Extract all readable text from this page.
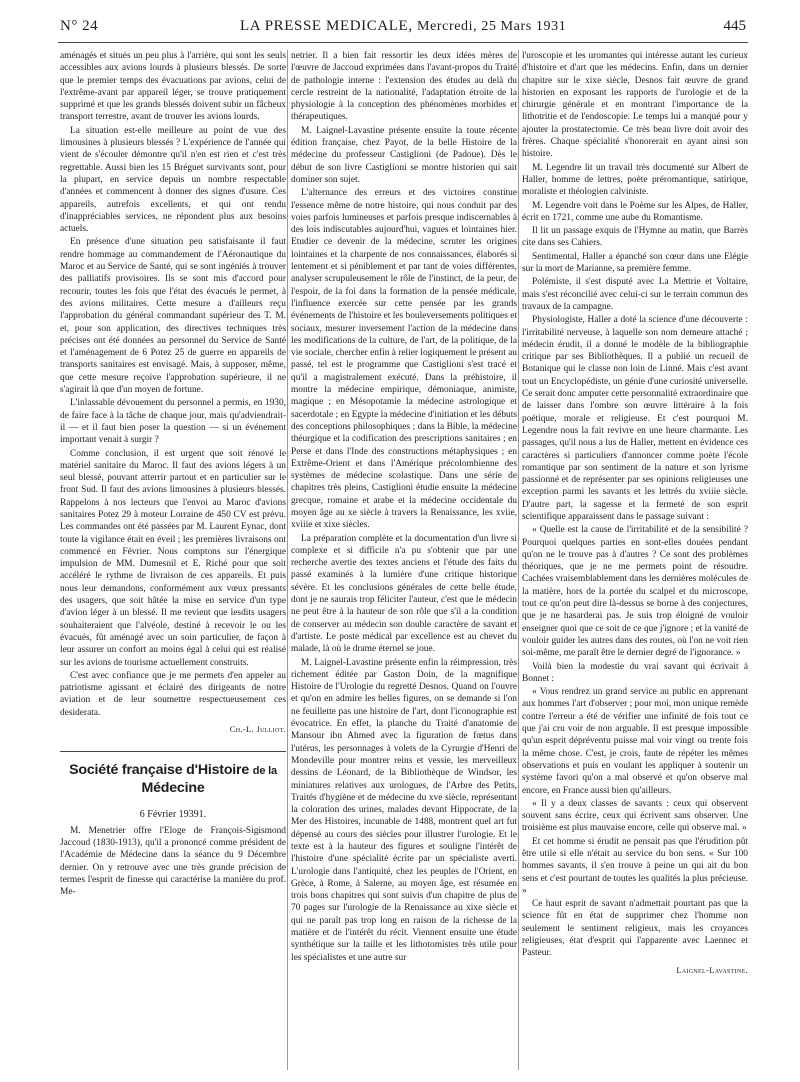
N° 24	LA PRESSE MEDICALE, Mercredi, 25 Mars 1931	445

aménagés et situés un peu plus à l'arrière, qui sont les seuls accessibles aux avions lourds à plusieurs blessés. De sorte que le premier temps des évacuations par avions, celui de l'extrême-avant par appareil léger, se trouve pratiquement supprimé et que les grands blessés doivent subir un fâcheux transport terrestre, avant de trouver les avions lourds.

La situation est-elle meilleure au point de vue des limousines à plusieurs blessés ? L'expérience de l'année qui vient de s'écouler démontre qu'il n'en est rien et c'est très regrettable. Aussi bien les 15 Bréguet survivants sont, pour la plupart, en service depuis un nombre respectable d'années et commencent à donner des signes d'usure. Ces appareils, autrefois excellents, et qui ont rendu d'inappréciables services, ne répondent plus aux besoins actuels.

En présence d'une situation peu satisfaisante il faut rendre hommage au commandement de l'Aéronautique du Maroc et au Service de Santé, qui se sont ingéniés à trouver des palliatifs provisoires. Ils se sont mis d'accord pour recourir, toutes les fois que l'état des évacués le permet, à des avions militaires. Cette mesure a d'ailleurs reçu l'approbation du général commandant supérieur des T. M. et, pour son application, des directives techniques très précises ont été données au personnel du Service de Santé et l'aménagement de 6 Potez 25 de guerre en appareils de transports sanitaires est envisagé. Mais, à supposer, même, que cette mesure reçoive l'approbation supérieure, il ne s'agirait là que d'un moyen de fortune.

L'inlassable dévouement du personnel a permis, en 1930, de faire face à la tâche de chaque jour, mais qu'adviendrait-il — et il faut bien poser la question — si un événement important venait à surgir ?

Comme conclusion, il est urgent que soit rénové le matériel sanitaire du Maroc. Il faut des avions légers à un seul blessé, pouvant atterrir partout et en particulier sur le front Sud. Il faut des avions limousines à plusieurs blessés. Rappelons à nos lecteurs que l'envoi au Maroc d'avions sanitaires Potez 29 à moteur Lorraine de 450 CV est prévu. Les commandes ont été passées par M. Laurent Eynac, dont toute la vigilance était en éveil ; les premières livraisons ont commencé en Février. Nous comptons sur l'énergique impulsion de MM. Dumesnil et E. Riché pour que soit accéléré le rythme de livraison de ces appareils. Et puis nous leur demandons, conformément aux vœux pressants des usagers, que soit hâtée la mise en service d'un type d'avion léger à un blessé. Il me revient que lesdits usagers souhaiteraient que l'alvéole, destiné à recevoir le ou les évacués, fût aménagé avec un soin particulier, de façon à leur assurer un confort au moins égal à celui qui est réalisé sur les avions de tourisme actuellement construits.

C'est avec confiance que je me permets d'en appeler au patriotisme agissant et éclairé des dirigeants de notre aviation et de leur soumettre respectueusement ces desiderata.

Ch.-L. Julliot.
Société française d'Histoire de la Médecine
6 Février 19391.

M. Menetrier offre l'Eloge de François-Sigismond Jaccoud (1830-1913), qu'il a prononcé comme président de l'Académie de Médecine dans la séance du 9 Décembre dernier. On y retrouve avec une très grande précision de termes l'esprit de finesse qui caractérise la manière du prof. Me-

netrier. Il a bien fait ressortir les deux idées mères de l'œuvre de Jaccoud exprimées dans l'avant-propos du Traité de pathologie interne : l'extension des études au delà du cercle restreint de la nationalité, l'adaptation étroite de la physiologie à la conception des phénomènes morbides et thérapeutiques.

M. Laignel-Lavastine présente ensuite la toute récente édition française, chez Payot, de la belle Histoire de la médecine du professeur Castiglioni (de Padoue). Dès le début de son livre Castiglioni se montre historien qui sait dominer son sujet.

L'alternance des erreurs et des victoires constitue l'essence même de notre histoire, qui nous conduit par des voies parfois lumineuses et parfois presque indiscernables à des lois indiscutables aujourd'hui, vagues et lointaines hier. Etudier ce devenir de la médecine, scruter les origines lointaines et la charpente de nos connaissances, élaborés si lentement et si péniblement et par tant de voies différentes, analyser scrupuleusement le rôle de l'instinct, de la peur, de l'espoir, de la foi dans la formation de la pensée médicale, l'influence exercée sur cette pensée par les grands événements de l'histoire et les bouleversements politiques et sociaux, mesurer inversement l'action de la médecine dans les modifications de la culture, de l'art, de la politique, de la vie sociale, chercher enfin à relier logiquement le présent au passé, tel est le programme que Castiglioni s'est tracé et qu'il a magistralement exécuté. Dans la préhistoire, il montre la médecine empirique, démoniaque, animiste, magique ; en Mésopotamie la médecine astrologique et sacerdotale ; en Egypte la médecine d'initiation et les débuts des conceptions philosophiques ; dans la Bible, la médecine théurgique et la codification des prescriptions sanitaires ; en Perse et dans l'Inde des constructions métaphysiques ; en Extrême-Orient et dans l'Amérique précolombienne des systèmes de médecine scolastique. Dans une série de chapitres très pleins, Castiglioni étudie ensuite la médecine grecque, romaine et arabe et la médecine occidentale du moyen âge au xe siècle à travers la Renaissance, les xviie, xviiie et xixe siècles.

La préparation complète et la documentation d'un livre si complexe et si difficile n'a pu s'obtenir que par une recherche avertie des textes anciens et l'étude des faits du passé examinés à la lumière d'une critique historique sévère. Et les conclusions générales de cette belle étude, dont je ne saurais trop féliciter l'auteur, c'est que le médecin ne peut être à la hauteur de son rôle que s'il a la condition de conserver au médecin son double caractère de savant et d'artiste. Le poste médical par excellence est au chevet du malade, là où le drame éternel se joue.

M. Laignel-Lavastine présente enfin la réimpression, très richement éditée par Gaston Doin, de la magnifique Histoire de l'Urologie du regretté Desnos. Quand on l'ouvre et qu'on en admire les belles figures, on se demande si l'on ne feuillette pas une histoire de l'art, dont l'iconographie est évocatrice. En effet, la planche du Traité d'anatomie de Mansour ibn Ahmed avec la figuration de fœtus dans l'utérus, les personnages à volets de la Cyrurgie d'Henri de Mondeville pour montrer reins et vessie, les merveilleux dessins de Léonard, de la Bibliothèque de Windsor, les miniatures relatives aux urologues, de l'Arbre des Petits, Traités d'hygiène et de médecine du xve siècle, représentant la coloration des urines, malades devant Hippocrate, de la Mer des Histoires, incunable de 1488, montrent quel art fut dépensé au cours des siècles pour illustrer l'urologie. Et le texte est à la hauteur des figures et souligne l'intérêt de l'histoire d'une spécialité écrite par un spécialiste averti. L'urologie dans l'antiquité, chez les peuples de l'Orient, en Grèce, à Rome, à Salerne, au moyen âge, est résumée en trois bons chapitres qui sont suivis d'un chapitre de plus de 70 pages sur l'urologie de la Renaissance au xixe siècle et qui ne paraît pas trop long en raison de la richesse de la matière et de l'intérêt du récit. Viennent ensuite une étude synthétique sur la taille et les lithotomistes très utile pour les spécialistes et une autre sur

l'uroscopie et les uromantes qui intéresse autant les curieux d'histoire et d'art que les médecins. Enfin, dans un dernier chapitre sur le xixe siècle, Desnos fait œuvre de grand historien en exposant les rapports de l'urologie et de la chirurgie générale et en montrant l'importance de la lithotritie et de l'endoscopie. Le temps lui a manqué pour y ajouter la prostatectomie. Ce très beau livre doit avoir des frères. Chaque spécialité s'honorerait en ayant ainsi son histoire.

M. Legendre lit un travail très documenté sur Albert de Haller, homme de lettres, poète préromantique, satirique, moraliste et théologien calviniste.

M. Legendre voit dans le Poème sur les Alpes, de Haller, écrit en 1721, comme une aube du Romantisme.

Il lit un passage exquis de l'Hymne au matin, que Barrès cite dans ses Cahiers.

Sentimental, Haller a épanché son cœur dans une Elégie sur la mort de Marianne, sa première femme.

Polémiste, il s'est disputé avec La Mettrie et Voltaire, mais s'est réconcilié avec celui-ci sur le terrain commun des travaux de la campagne.

Physiologiste, Haller a doté la science d'une découverte : l'irritabilité nerveuse, à laquelle son nom demeure attaché ; médecin érudit, il a donné le modèle de la bibliographie critique par ses Bibliothèques. Il a publié un recueil de Botanique qui le classe non loin de Linné. Mais c'est avant tout un Encyclopédiste, un génie d'une curiosité universelle. Ce serait donc amputer cette personnalité extraordinaire que de laisser dans l'ombre son œuvre littéraire à la fois poétique, morale et religieuse. Et c'est pourquoi M. Legendre nous la fait revivre en une heure charmante. Les passages, qu'il nous a lus de Haller, mettent en évidence ces caractères si particuliers d'annoncer comme poète l'école romantique par son sentiment de la nature et son lyrisme passionné et de représenter par ses opinions religieuses une exception parmi les savants et les lettrés du xviiie siècle. D'autre part, la sagesse et la fermeté de son esprit scientifique apparaissent dans le passage suivant :

« Quelle est la cause de l'irritabilité et de la sensibilité ? Pourquoi quelques parties en sont-elles douées pendant qu'on ne le trouve pas à d'autres ? Ce sont des problèmes théoriques, que je ne me permets point de résoudre. Cachées vraisemblablement dans les dernières molécules de la matière, hors de la portée du scalpel et du microscope, tout ce qu'on peut dire là-dessus se borne à des conjectures, que je ne hasarderai pas. Je suis trop éloigné de vouloir enseigner quoi que ce soit de ce que j'ignore ; et la vanité de vouloir guider les autres dans des routes, où l'on ne voit rien soi-même, me paraît être le dernier degré de l'ignorance. »

Voilà bien la modestie du vrai savant qui écrivait à Bonnet :

« Vous rendrez un grand service au public en apprenant aux hommes l'art d'observer ; pour moi, mon unique remède contre l'erreur a été de vérifier une infinité de fois tout ce que j'ai cru voir de non arguable. Il est presque impossible qu'un esprit dépréventu puisse mal voir vingt ou trente fois la même chose. C'est, je crois, faute de répéter les mêmes observations et puis en voulant les appliquer à soutenir un système favori qu'on a mal observé et qu'on observe mal encore, en France aussi bien qu'ailleurs.

« Il y a deux classes de savants : ceux qui observent souvent sans écrire, ceux qui écrivent sans observer. Une troisième est plus mauvaise encore, celle qui observe mal. »

Et cet homme si érudit ne pensait pas que l'érudition pût être utile si elle n'était au service du bon sens. « Sur 100 hommes savants, il s'en trouve à peine un qui ait du bon sens et c'est pourtant de toutes les qualités la plus précieuse. »

Ce haut esprit de savant n'admettait pourtant pas que la science fût en état de supprimer chez l'homme non seulement le sentiment religieux, mais les croyances religieuses, état d'esprit qui l'apparente avec Laennec et Pasteur.

Laignel-Lavastine.
